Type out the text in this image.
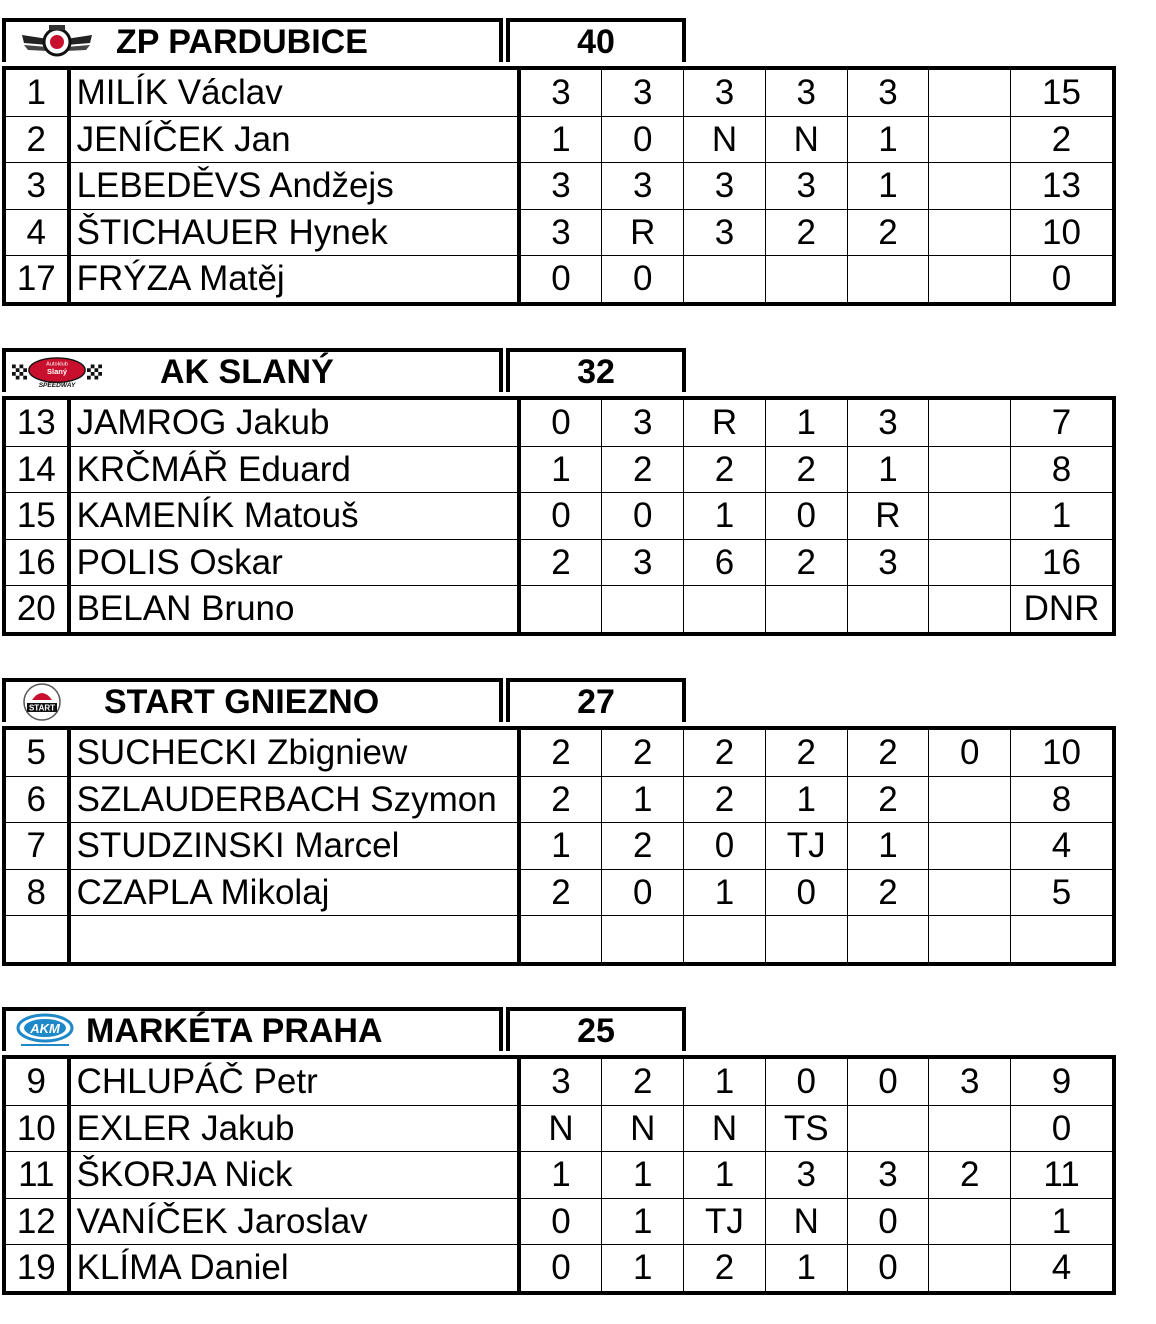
ZP PARDUBICE	40
1	MILÍK Václav	3	3	3	3	3		15
2	JENÍČEK Jan	1	0	N	N	1		2
3	LEBEDĚVS Andžejs	3	3	3	3	1		13
4	ŠTICHAUER Hynek	3	R	3	2	2		10
17	FRÝZA Matěj	0	0					0
Autoklub
Slaný
SPEEDWAY AK SLANÝ	32
13	JAMROG Jakub	0	3	R	1	3		7
14	KRČMÁŘ Eduard	1	2	2	2	1		8
15	KAMENÍK Matouš	0	0	1	0	R		1
16	POLIS Oskar	2	3	6	2	3		16
20	BELAN Bruno							DNR
START START GNIEZNO	27
5	SUCHECKI Zbigniew	2	2	2	2	2	0	10
6	SZLAUDERBACH Szymon	2	1	2	1	2		8
7	STUDZINSKI Marcel	1	2	0	TJ	1		4
8	CZAPLA Mikolaj	2	0	1	0	2		5

AKM MARKÉTA PRAHA	25
9	CHLUPÁČ Petr	3	2	1	0	0	3	9
10	EXLER Jakub	N	N	N	TS			0
11	ŠKORJA Nick	1	1	1	3	3	2	11
12	VANÍČEK Jaroslav	0	1	TJ	N	0		1
19	KLÍMA Daniel	0	1	2	1	0		4
